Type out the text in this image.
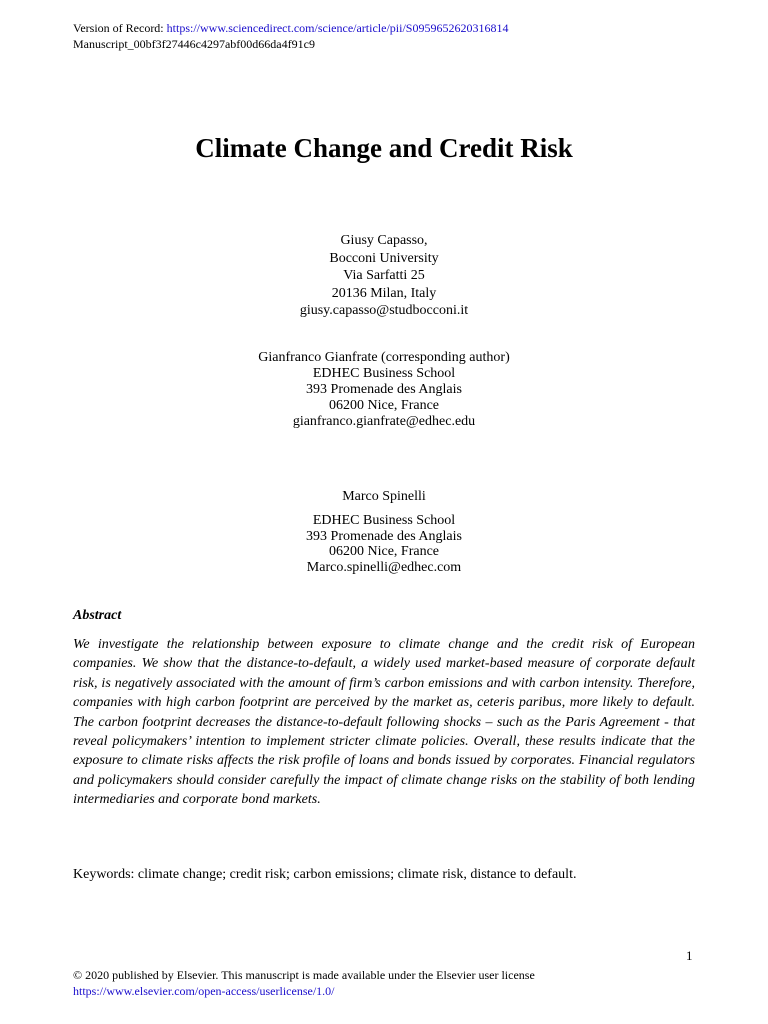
Version of Record: https://www.sciencedirect.com/science/article/pii/S0959652620316814
Manuscript_00bf3f27446c4297abf00d66da4f91c9
Climate Change and Credit Risk
Giusy Capasso,
Bocconi University
Via Sarfatti 25
20136 Milan, Italy
giusy.capasso@studbocconi.it
Gianfranco Gianfrate (corresponding author)
EDHEC Business School
393 Promenade des Anglais
06200 Nice, France
gianfranco.gianfrate@edhec.edu
Marco Spinelli
EDHEC Business School
393 Promenade des Anglais
06200 Nice, France
Marco.spinelli@edhec.com
Abstract
We investigate the relationship between exposure to climate change and the credit risk of European companies. We show that the distance-to-default, a widely used market-based measure of corporate default risk, is negatively associated with the amount of firm’s carbon emissions and with carbon intensity. Therefore, companies with high carbon footprint are perceived by the market as, ceteris paribus, more likely to default. The carbon footprint decreases the distance-to-default following shocks – such as the Paris Agreement - that reveal policymakers’ intention to implement stricter climate policies. Overall, these results indicate that the exposure to climate risks affects the risk profile of loans and bonds issued by corporates. Financial regulators and policymakers should consider carefully the impact of climate change risks on the stability of both lending intermediaries and corporate bond markets.
Keywords: climate change; credit risk; carbon emissions; climate risk, distance to default.
1
© 2020 published by Elsevier. This manuscript is made available under the Elsevier user license
https://www.elsevier.com/open-access/userlicense/1.0/
